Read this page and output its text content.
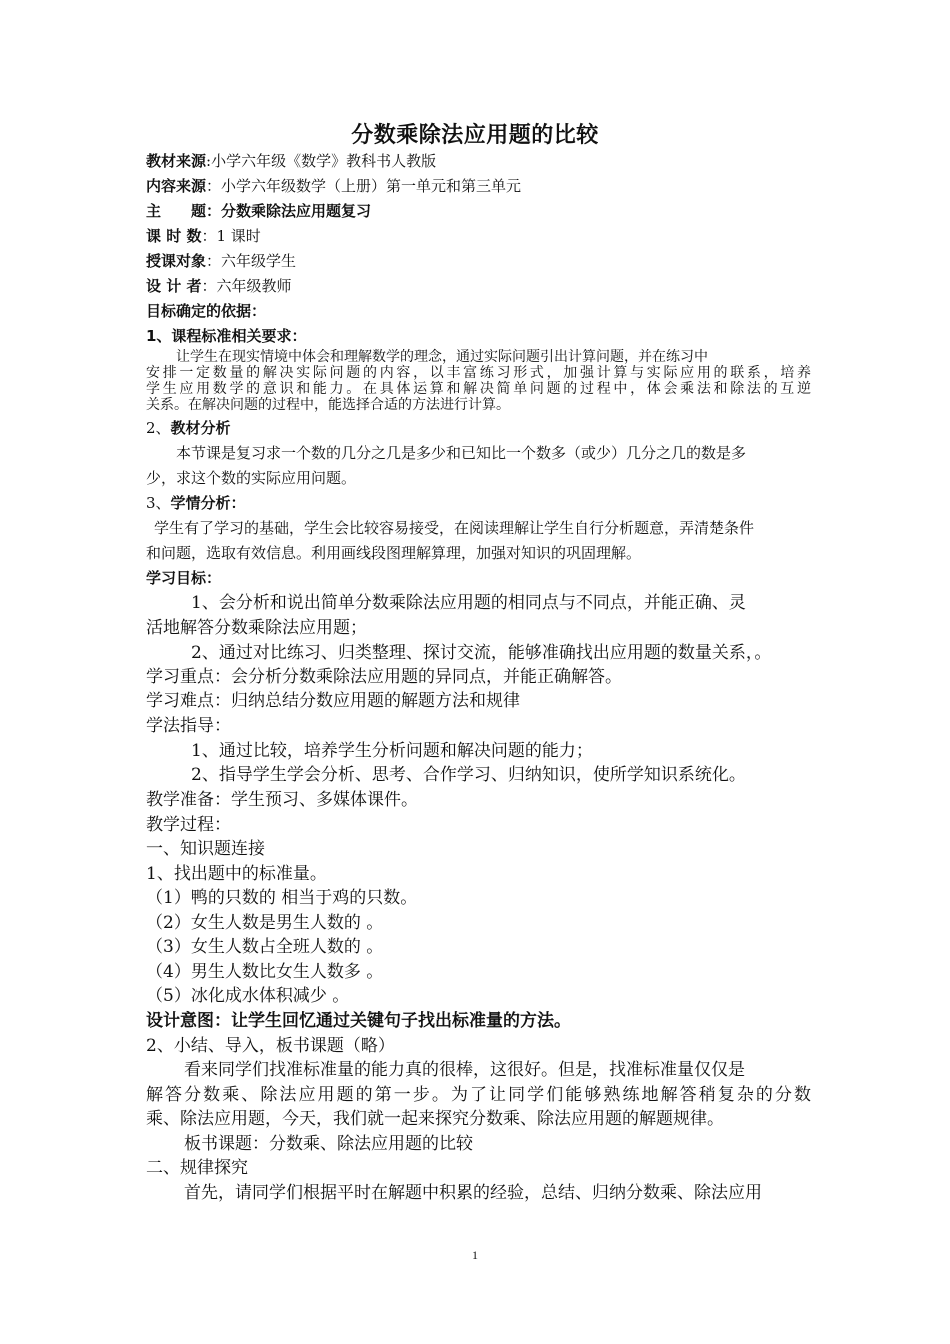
分数乘除法应用题的比较
教材来源:小学六年级《数学》教科书人教版
内容来源：小学六年级数学（上册）第一单元和第三单元
主　　题：分数乘除法应用题复习
课 时 数：1 课时
授课对象：六年级学生
设 计 者：六年级教师
目标确定的依据：
1、课程标准相关要求：
让学生在现实情境中体会和理解数学的理念，通过实际问题引出计算问题，并在练习中
安排一定数量的解决实际问题的内容，以丰富练习形式，加强计算与实际应用的联系，培养
学生应用数学的意识和能力。在具体运算和解决简单问题的过程中，体会乘法和除法的互逆
关系。在解决问题的过程中，能选择合适的方法进行计算。
2、教材分析
本节课是复习求一个数的几分之几是多少和已知比一个数多（或少）几分之几的数是多
少，求这个数的实际应用问题。
3、学情分析：
学生有了学习的基础，学生会比较容易接受，在阅读理解让学生自行分析题意，弄清楚条件
和问题，选取有效信息。利用画线段图理解算理，加强对知识的巩固理解。
学习目标：
1、会分析和说出简单分数乘除法应用题的相同点与不同点，并能正确、灵
活地解答分数乘除法应用题；
2、通过对比练习、归类整理、探讨交流，能够准确找出应用题的数量关系，。
学习重点：会分析分数乘除法应用题的异同点，并能正确解答。
学习难点：归纳总结分数应用题的解题方法和规律
学法指导：
1、通过比较，培养学生分析问题和解决问题的能力；
2、指导学生学会分析、思考、合作学习、归纳知识，使所学知识系统化。
教学准备：学生预习、多媒体课件。
教学过程：
一、知识题连接
1、找出题中的标准量。
（1）鸭的只数的 相当于鸡的只数。
（2）女生人数是男生人数的 。
（3）女生人数占全班人数的 。
（4）男生人数比女生人数多 。
（5）冰化成水体积减少 。
设计意图：让学生回忆通过关键句子找出标准量的方法。
2、小结、导入，板书课题（略）
看来同学们找准标准量的能力真的很棒，这很好。但是，找准标准量仅仅是
解答分数乘、除法应用题的第一步。为了让同学们能够熟练地解答稍复杂的分数
乘、除法应用题，今天，我们就一起来探究分数乘、除法应用题的解题规律。
板书课题：分数乘、除法应用题的比较
二、规律探究
首先，请同学们根据平时在解题中积累的经验，总结、归纳分数乘、除法应用
1
